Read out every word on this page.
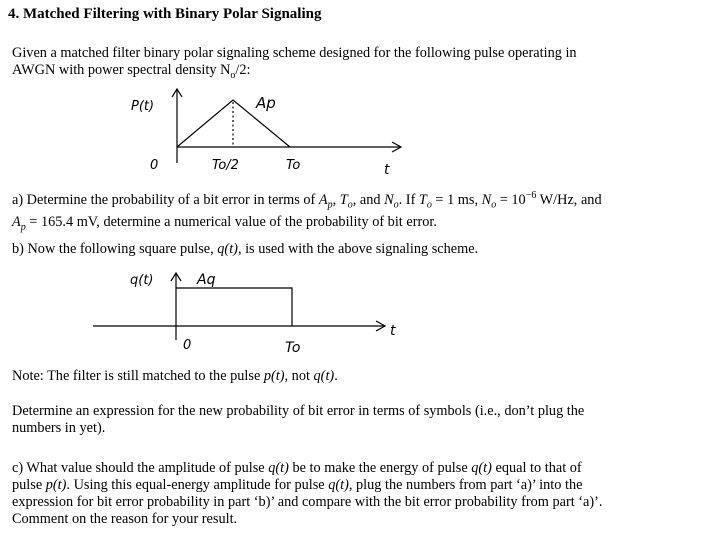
4. Matched Filtering with Binary Polar Signaling
Given a matched filter binary polar signaling scheme designed for the following pulse operating in
AWGN with power spectral density $N_o/2$:
P(t)	Ap
0	To/2	To	t
q(t)	Aq
0	To
t
a) Determine the probability of a bit error in terms of $A_p$, $T_o$, and $N_o$. If $T_o = 1$ ms, $N_o = 10^{-6}$ W/Hz, and
$A_p = 165.4$ mV, determine a numerical value of the probability of bit error.
b) Now the following square pulse, q(t), is used with the above signaling scheme.
Note: The filter is still matched to the pulse p(t), not q(t).
Determine an expression for the new probability of bit error in terms of symbols (i.e., don’t plug the
numbers in yet).
c) What value should the amplitude of pulse q(t) be to make the energy of pulse q(t) equal to that of
pulse p(t). Using this equal-energy amplitude for pulse q(t), plug the numbers from part ‘a)’ into the
expression for bit error probability in part ‘b)’ and compare with the bit error probability from part ‘a)’.
Comment on the reason for your result.
